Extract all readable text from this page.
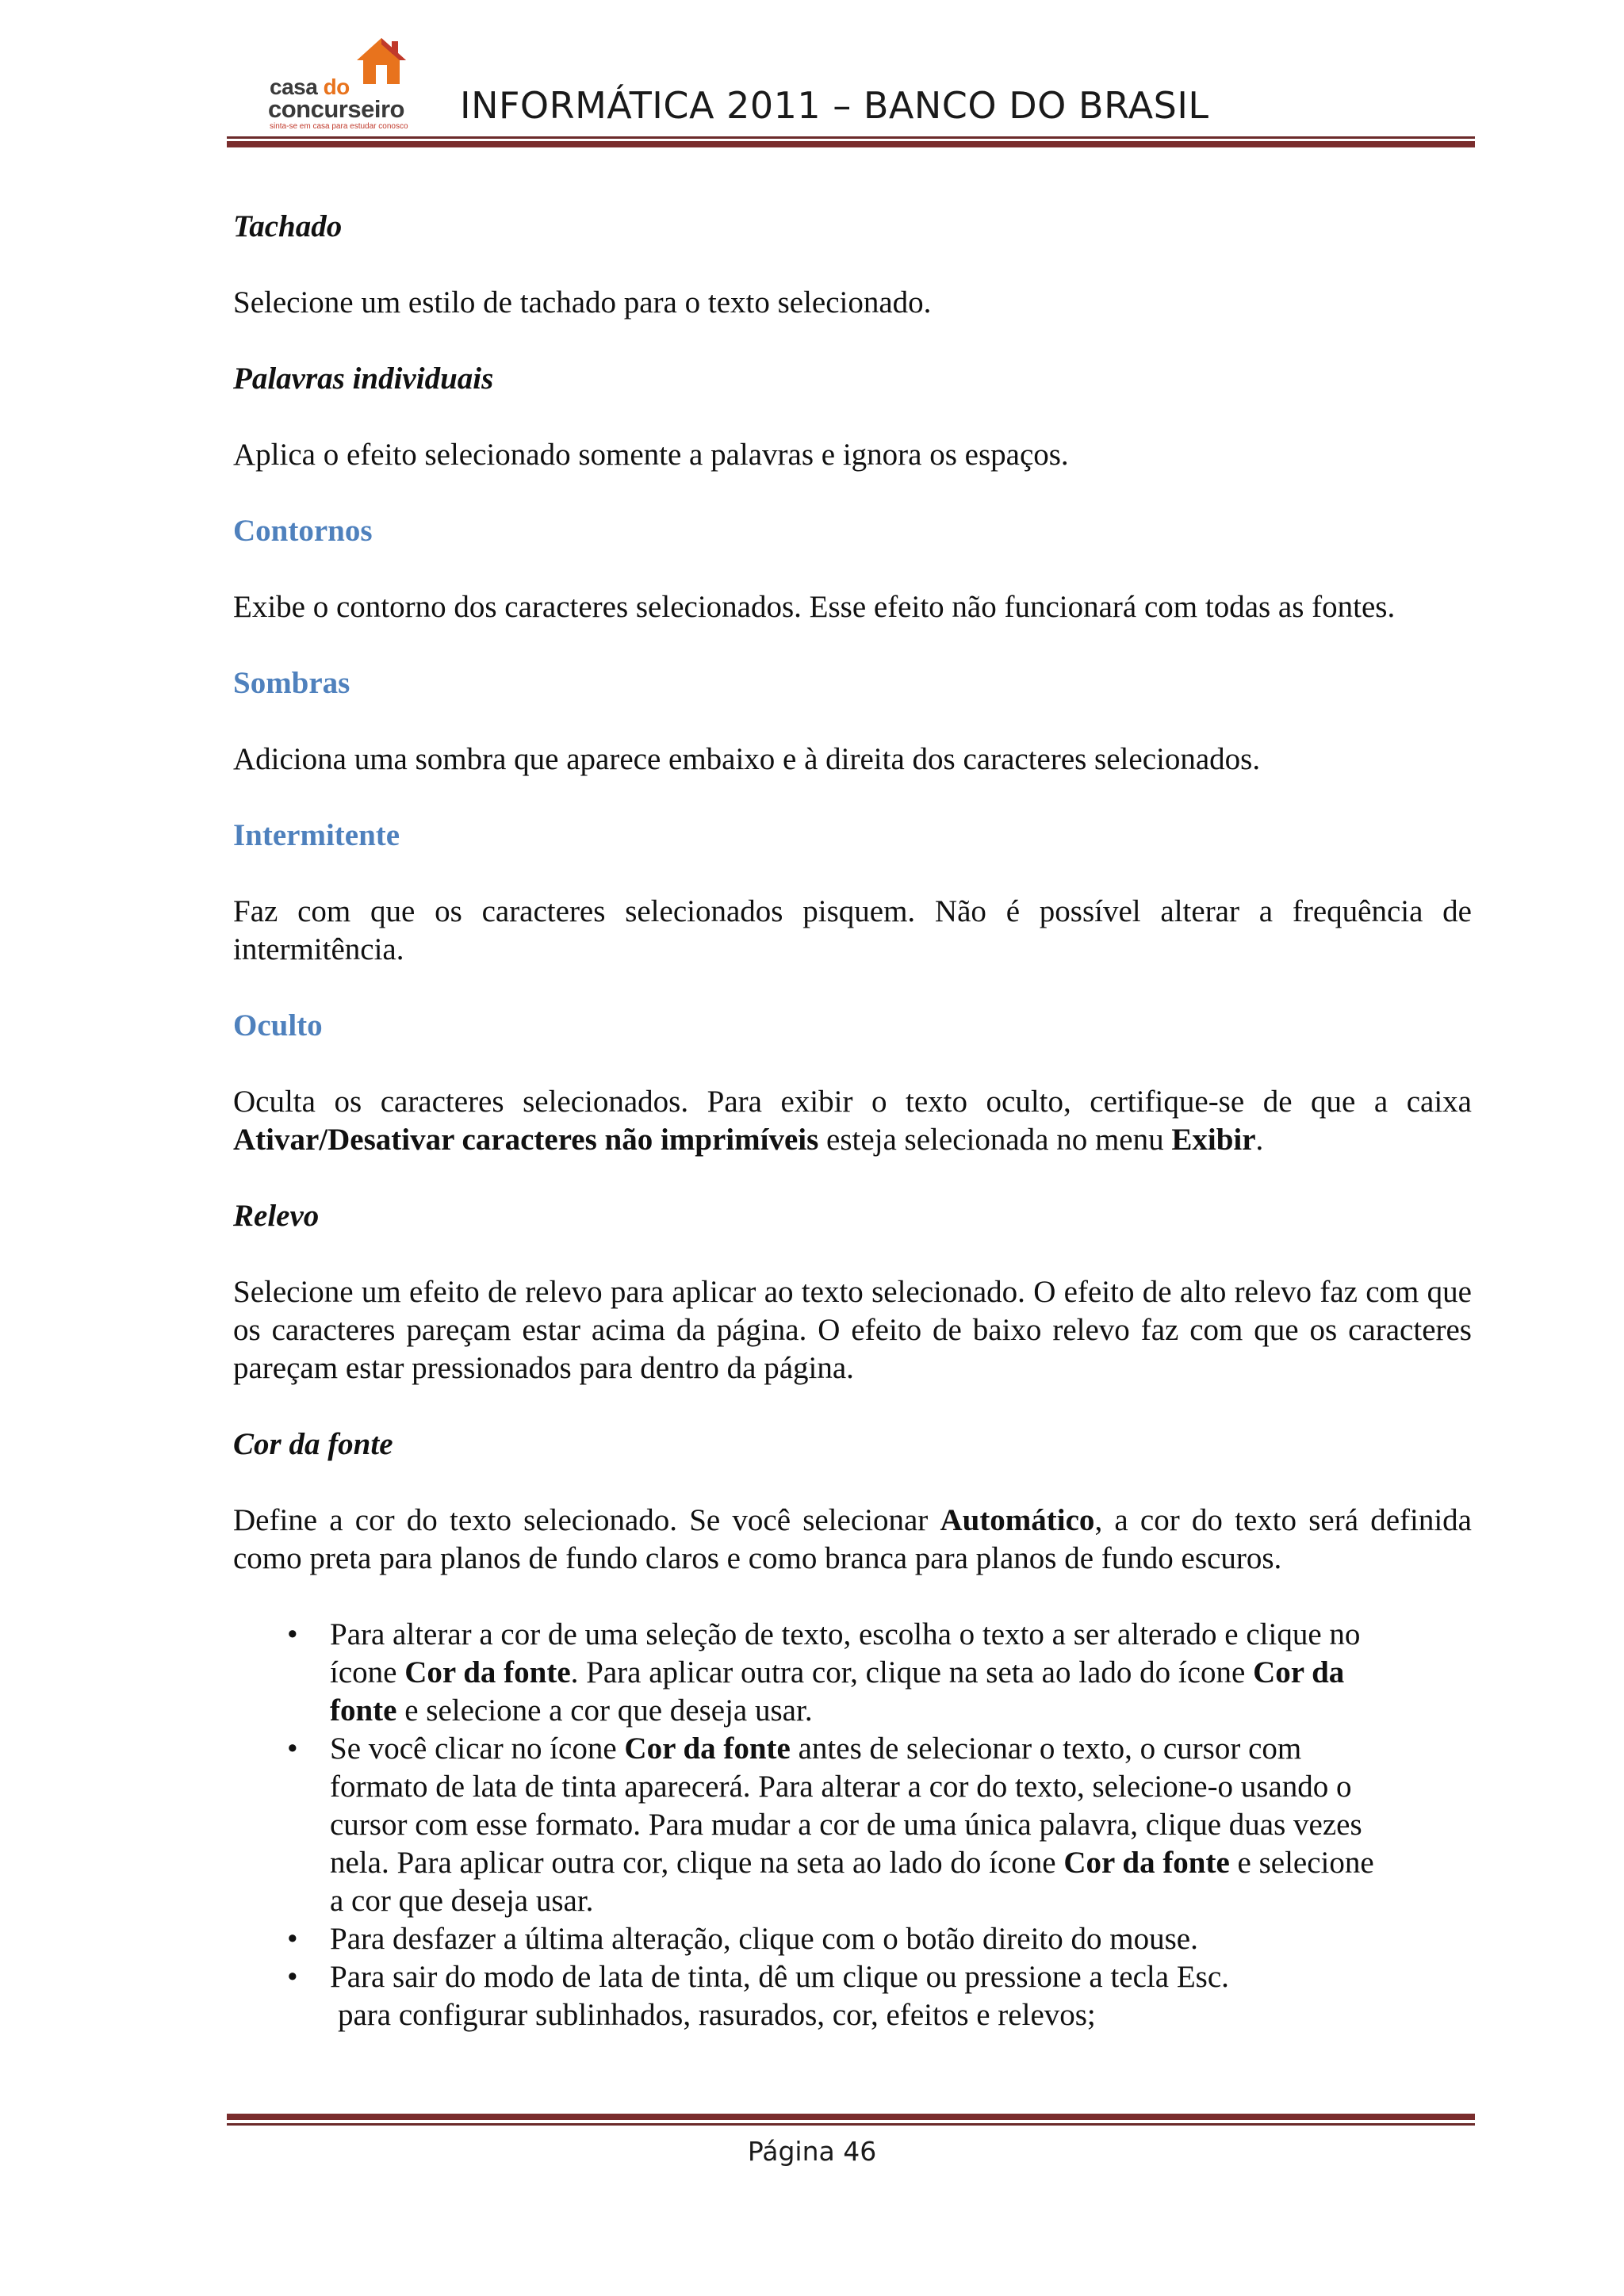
casa do
concurseiro
sinta-se em casa para estudar conosco INFORMÁTICA 2011 – BANCO DO BRASIL

Tachado

Selecione um estilo de tachado para o texto selecionado.

Palavras individuais

Aplica o efeito selecionado somente a palavras e ignora os espaços.

Contornos

Exibe o contorno dos caracteres selecionados. Esse efeito não funcionará com todas as fontes.

Sombras

Adiciona uma sombra que aparece embaixo e à direita dos caracteres selecionados.

Intermitente

Faz com que os caracteres selecionados pisquem. Não é possível alterar a frequência de intermitência.

Oculto

Oculta os caracteres selecionados. Para exibir o texto oculto, certifique-se de que a caixa Ativar/Desativar caracteres não imprimíveis esteja selecionada no menu Exibir.

Relevo

Selecione um efeito de relevo para aplicar ao texto selecionado. O efeito de alto relevo faz com que os caracteres pareçam estar acima da página. O efeito de baixo relevo faz com que os caracteres pareçam estar pressionados para dentro da página.

Cor da fonte

Define a cor do texto selecionado. Se você selecionar Automático, a cor do texto será definida como preta para planos de fundo claros e como branca para planos de fundo escuros.

• Para alterar a cor de uma seleção de texto, escolha o texto a ser alterado e clique no ícone Cor da fonte. Para aplicar outra cor, clique na seta ao lado do ícone Cor da fonte e selecione a cor que deseja usar.
• Se você clicar no ícone Cor da fonte antes de selecionar o texto, o cursor com formato de lata de tinta aparecerá. Para alterar a cor do texto, selecione-o usando o cursor com esse formato. Para mudar a cor de uma única palavra, clique duas vezes nela. Para aplicar outra cor, clique na seta ao lado do ícone Cor da fonte e selecione a cor que deseja usar.
• Para desfazer a última alteração, clique com o botão direito do mouse.
• Para sair do modo de lata de tinta, dê um clique ou pressione a tecla Esc.
para configurar sublinhados, rasurados, cor, efeitos e relevos;
Página 46
